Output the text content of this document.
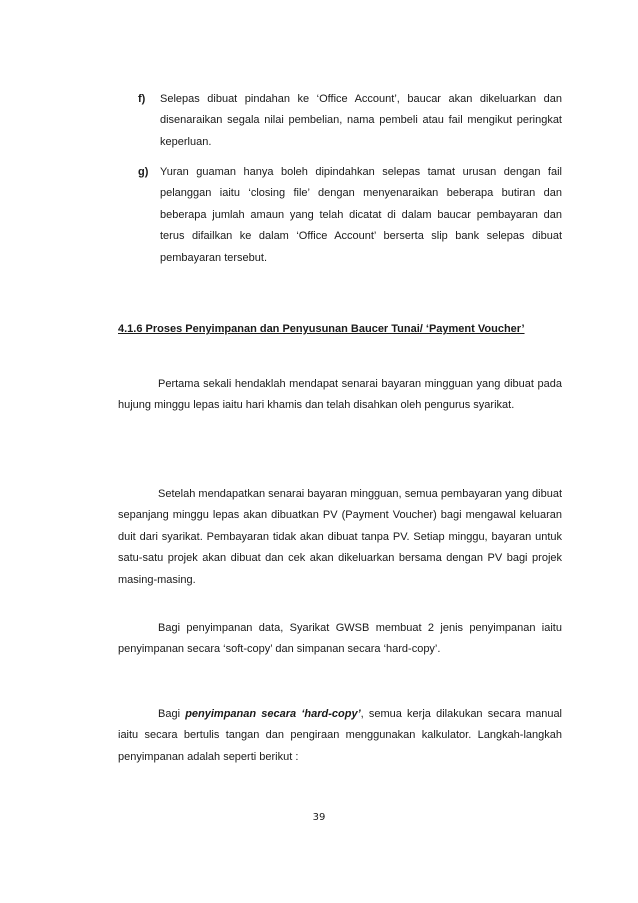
f) Selepas dibuat pindahan ke ‘Office Account’, baucar akan dikeluarkan dan disenaraikan segala nilai pembelian, nama pembeli atau fail mengikut peringkat keperluan.
g) Yuran guaman hanya boleh dipindahkan selepas tamat urusan dengan fail pelanggan iaitu ‘closing file’ dengan menyenaraikan beberapa butiran dan beberapa jumlah amaun yang telah dicatat di dalam baucar pembayaran dan terus difailkan ke dalam ‘Office Account’ berserta slip bank selepas dibuat pembayaran tersebut.
4.1.6 Proses Penyimpanan dan Penyusunan Baucer Tunai/ ‘Payment Voucher’

Pertama sekali hendaklah mendapat senarai bayaran mingguan yang dibuat pada hujung minggu lepas iaitu hari khamis dan telah disahkan oleh pengurus syarikat.

Setelah mendapatkan senarai bayaran mingguan, semua pembayaran yang dibuat sepanjang minggu lepas akan dibuatkan PV (Payment Voucher) bagi mengawal keluaran duit dari syarikat. Pembayaran tidak akan dibuat tanpa PV. Setiap minggu, bayaran untuk satu-satu projek akan dibuat dan cek akan dikeluarkan bersama dengan PV bagi projek masing-masing.

Bagi penyimpanan data, Syarikat GWSB membuat 2 jenis penyimpanan iaitu penyimpanan secara ‘soft-copy’ dan simpanan secara ‘hard-copy’.

Bagi penyimpanan secara ‘hard-copy’, semua kerja dilakukan secara manual iaitu secara bertulis tangan dan pengiraan menggunakan kalkulator. Langkah-langkah penyimpanan adalah seperti berikut :

39
